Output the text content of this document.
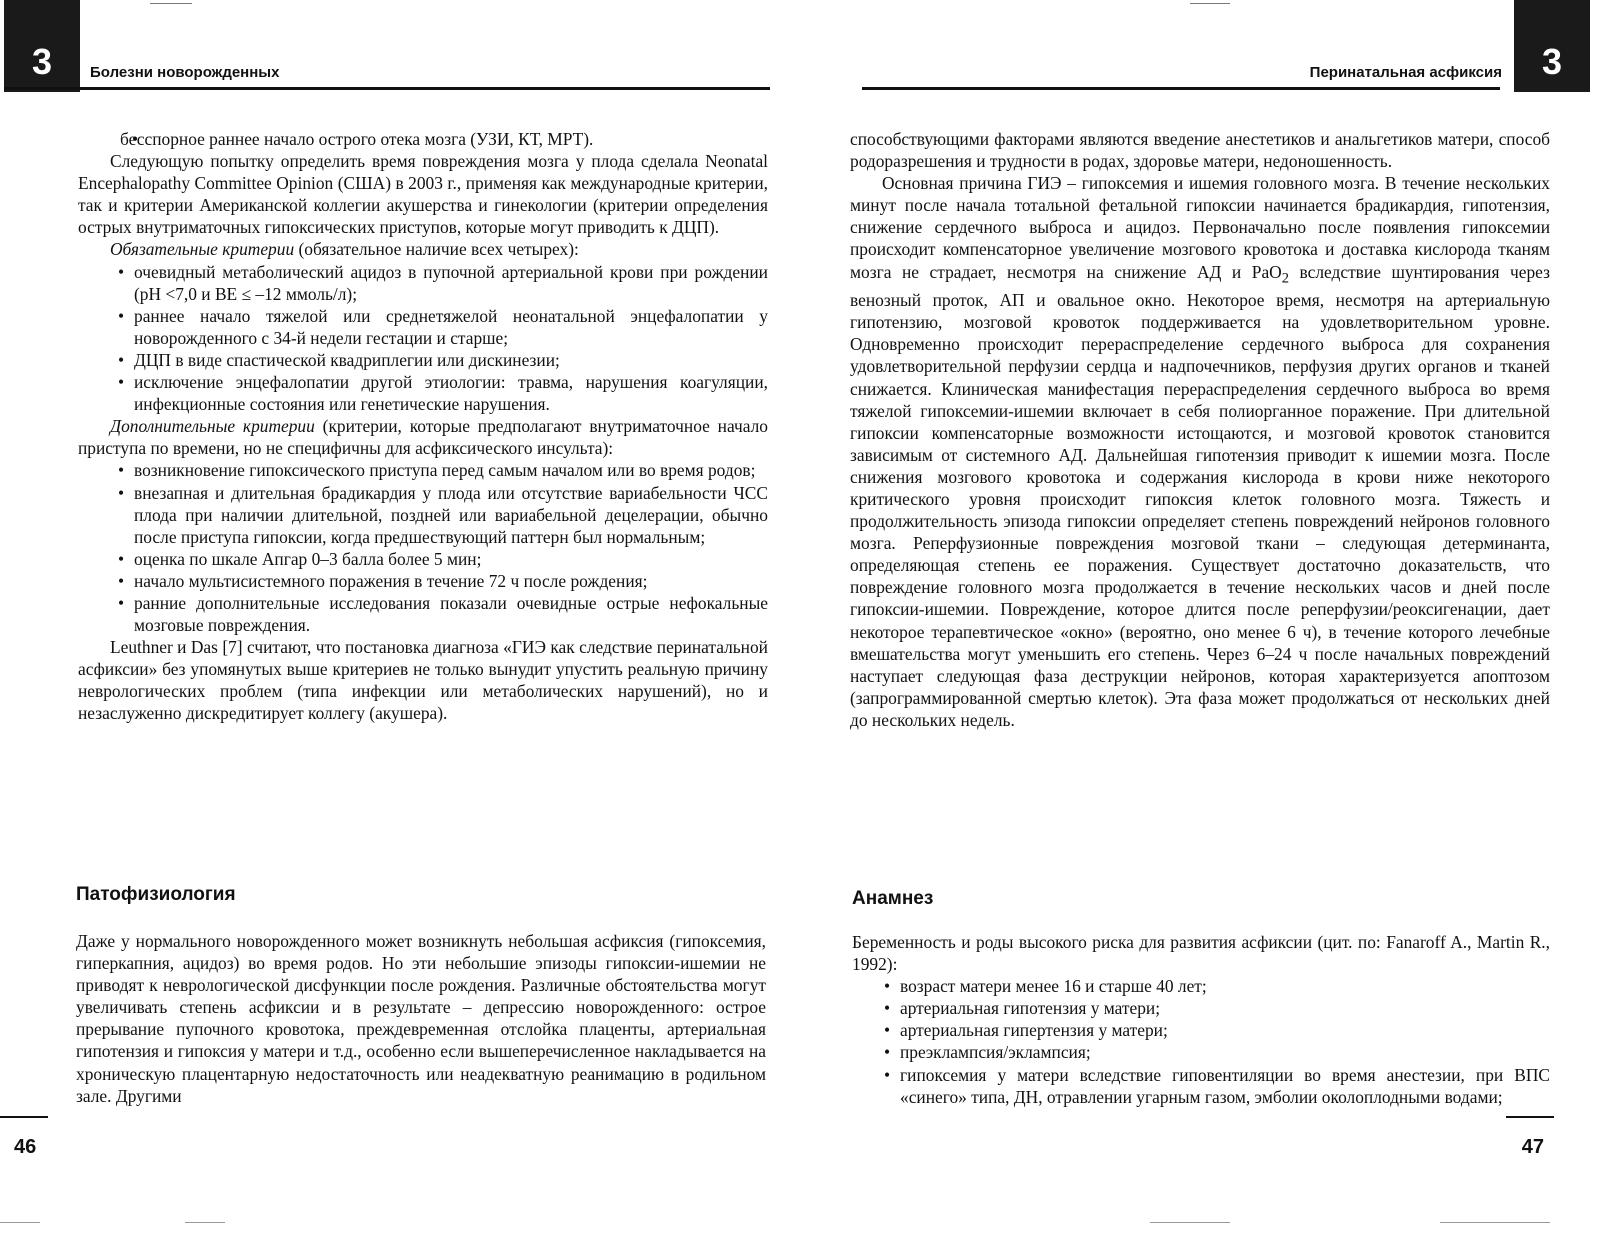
3	Болезни новорожденных
• бесспорное раннее начало острого отека мозга (УЗИ, КТ, МРТ).

Следующую попытку определить время повреждения мозга у плода сделала Neonatal Encephalopathy Committee Opinion (США) в 2003 г., применяя как международные критерии, так и критерии Американской коллегии акушерства и гинекологии (критерии определения острых внутриматочных гипоксических приступов, которые могут приводить к ДЦП).

Обязательные критерии (обязательное наличие всех четырех):

• очевидный метаболический ацидоз в пупочной артериальной крови при рождении (pH <7,0 и BE ≤ –12 ммоль/л);
• раннее начало тяжелой или среднетяжелой неонатальной энцефалопатии у новорожденного с 34-й недели гестации и старше;
• ДЦП в виде спастической квадриплегии или дискинезии;
• исключение энцефалопатии другой этиологии: травма, нарушения коагуляции, инфекционные состояния или генетические нарушения.

Дополнительные критерии (критерии, которые предполагают внутриматочное начало приступа по времени, но не специфичны для асфиксического инсульта):

• возникновение гипоксического приступа перед самым началом или во время родов;
• внезапная и длительная брадикардия у плода или отсутствие вариабельности ЧСС плода при наличии длительной, поздней или вариабельной децелерации, обычно после приступа гипоксии, когда предшествующий паттерн был нормальным;
• оценка по шкале Апгар 0–3 балла более 5 мин;
• начало мультисистемного поражения в течение 72 ч после рождения;
• ранние дополнительные исследования показали очевидные острые нефокальные мозговые повреждения.

Leuthner и Das [7] считают, что постановка диагноза «ГИЭ как следствие перинатальной асфиксии» без упомянутых выше критериев не только вынудит упустить реальную причину неврологических проблем (типа инфекции или метаболических нарушений), но и незаслуженно дискредитирует коллегу (акушера).

Патофизиология

Даже у нормального новорожденного может возникнуть небольшая асфиксия (гипоксемия, гиперкапния, ацидоз) во время родов. Но эти небольшие эпизоды гипоксии-ишемии не приводят к неврологической дисфункции после рождения. Различные обстоятельства могут увеличивать степень асфиксии и в результате – депрессию новорожденного: острое прерывание пупочного кровотока, преждевременная отслойка плаценты, артериальная гипотензия и гипоксия у матери и т.д., особенно если вышеперечисленное накладывается на хроническую плацентарную недостаточность или неадекватную реанимацию в родильном зале. Другими

46
3
Перинатальная асфиксия

способствующими факторами являются введение анестетиков и анальгетиков матери, способ родоразрешения и трудности в родах, здоровье матери, недоношенность.

Основная причина ГИЭ – гипоксемия и ишемия головного мозга. В течение нескольких минут после начала тотальной фетальной гипоксии начинается брадикардия, гипотензия, снижение сердечного выброса и ацидоз. Первоначально после появления гипоксемии происходит компенсаторное увеличение мозгового кровотока и доставка кислорода тканям мозга не страдает, несмотря на снижение АД и PaO$_2$ вследствие шунтирования через венозный проток, АП и овальное окно. Некоторое время, несмотря на артериальную гипотензию, мозговой кровоток поддерживается на удовлетворительном уровне. Одновременно происходит перераспределение сердечного выброса для сохранения удовлетворительной перфузии сердца и надпочечников, перфузия других органов и тканей снижается. Клиническая манифестация перераспределения сердечного выброса во время тяжелой гипоксемии-ишемии включает в себя полиорганное поражение. При длительной гипоксии компенсаторные возможности истощаются, и мозговой кровоток становится зависимым от системного АД. Дальнейшая гипотензия приводит к ишемии мозга. После снижения мозгового кровотока и содержания кислорода в крови ниже некоторого критического уровня происходит гипоксия клеток головного мозга. Тяжесть и продолжительность эпизода гипоксии определяет степень повреждений нейронов головного мозга. Реперфузионные повреждения мозговой ткани – следующая детерминанта, определяющая степень ее поражения. Существует достаточно доказательств, что повреждение головного мозга продолжается в течение нескольких часов и дней после гипоксии-ишемии. Повреждение, которое длится после реперфузии/реоксигенации, дает некоторое терапевтическое «окно» (вероятно, оно менее 6 ч), в течение которого лечебные вмешательства могут уменьшить его степень. Через 6–24 ч после начальных повреждений наступает следующая фаза деструкции нейронов, которая характеризуется апоптозом (запрограммированной смертью клеток). Эта фаза может продолжаться от нескольких дней до нескольких недель.

Анамнез

Беременность и роды высокого риска для развития асфиксии (цит. по: Fanaroff A., Martin R., 1992):

• возраст матери менее 16 и старше 40 лет;
• артериальная гипотензия у матери;
• артериальная гипертензия у матери;
• преэклампсия/эклампсия;
• гипоксемия у матери вследствие гиповентиляции во время анестезии, при ВПС «синего» типа, ДН, отравлении угарным газом, эмболии околоплодными водами;
47
